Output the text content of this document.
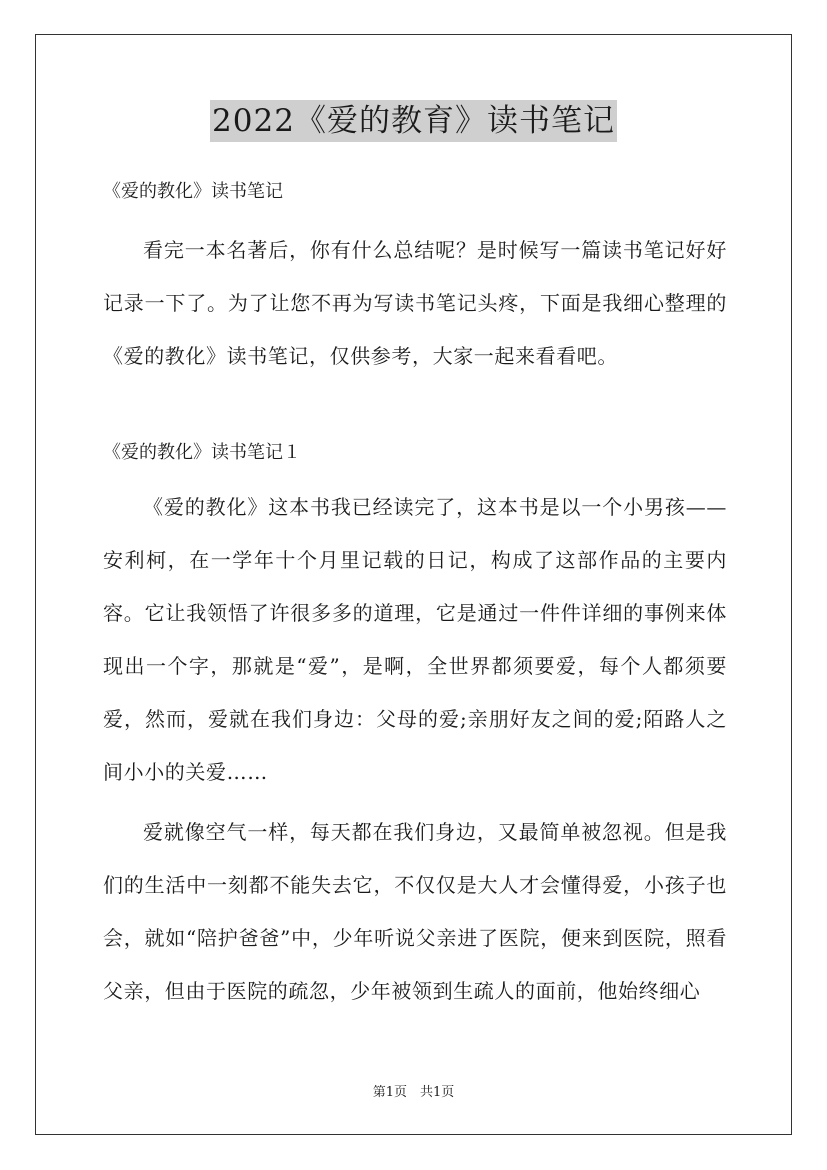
2022《爱的教育》读书笔记

《爱的教化》读书笔记

看完一本名著后，你有什么总结呢？是时候写一篇读书笔记好好记录一下了。为了让您不再为写读书笔记头疼，下面是我细心整理的《爱的教化》读书笔记，仅供参考，大家一起来看看吧。

《爱的教化》读书笔记１

《爱的教化》这本书我已经读完了，这本书是以一个小男孩——安利柯，在一学年十个月里记载的日记，构成了这部作品的主要内容。它让我领悟了许很多多的道理，它是通过一件件详细的事例来体现出一个字，那就是“爱”，是啊，全世界都须要爱，每个人都须要爱，然而，爱就在我们身边：父母的爱;亲朋好友之间的爱;陌路人之间小小的关爱……

爱就像空气一样，每天都在我们身边，又最简单被忽视。但是我们的生活中一刻都不能失去它，不仅仅是大人才会懂得爱，小孩子也会，就如“陪护爸爸”中，少年听说父亲进了医院，便来到医院，照看父亲，但由于医院的疏忽，少年被领到生疏人的面前，他始终细心

第1页　共1页
